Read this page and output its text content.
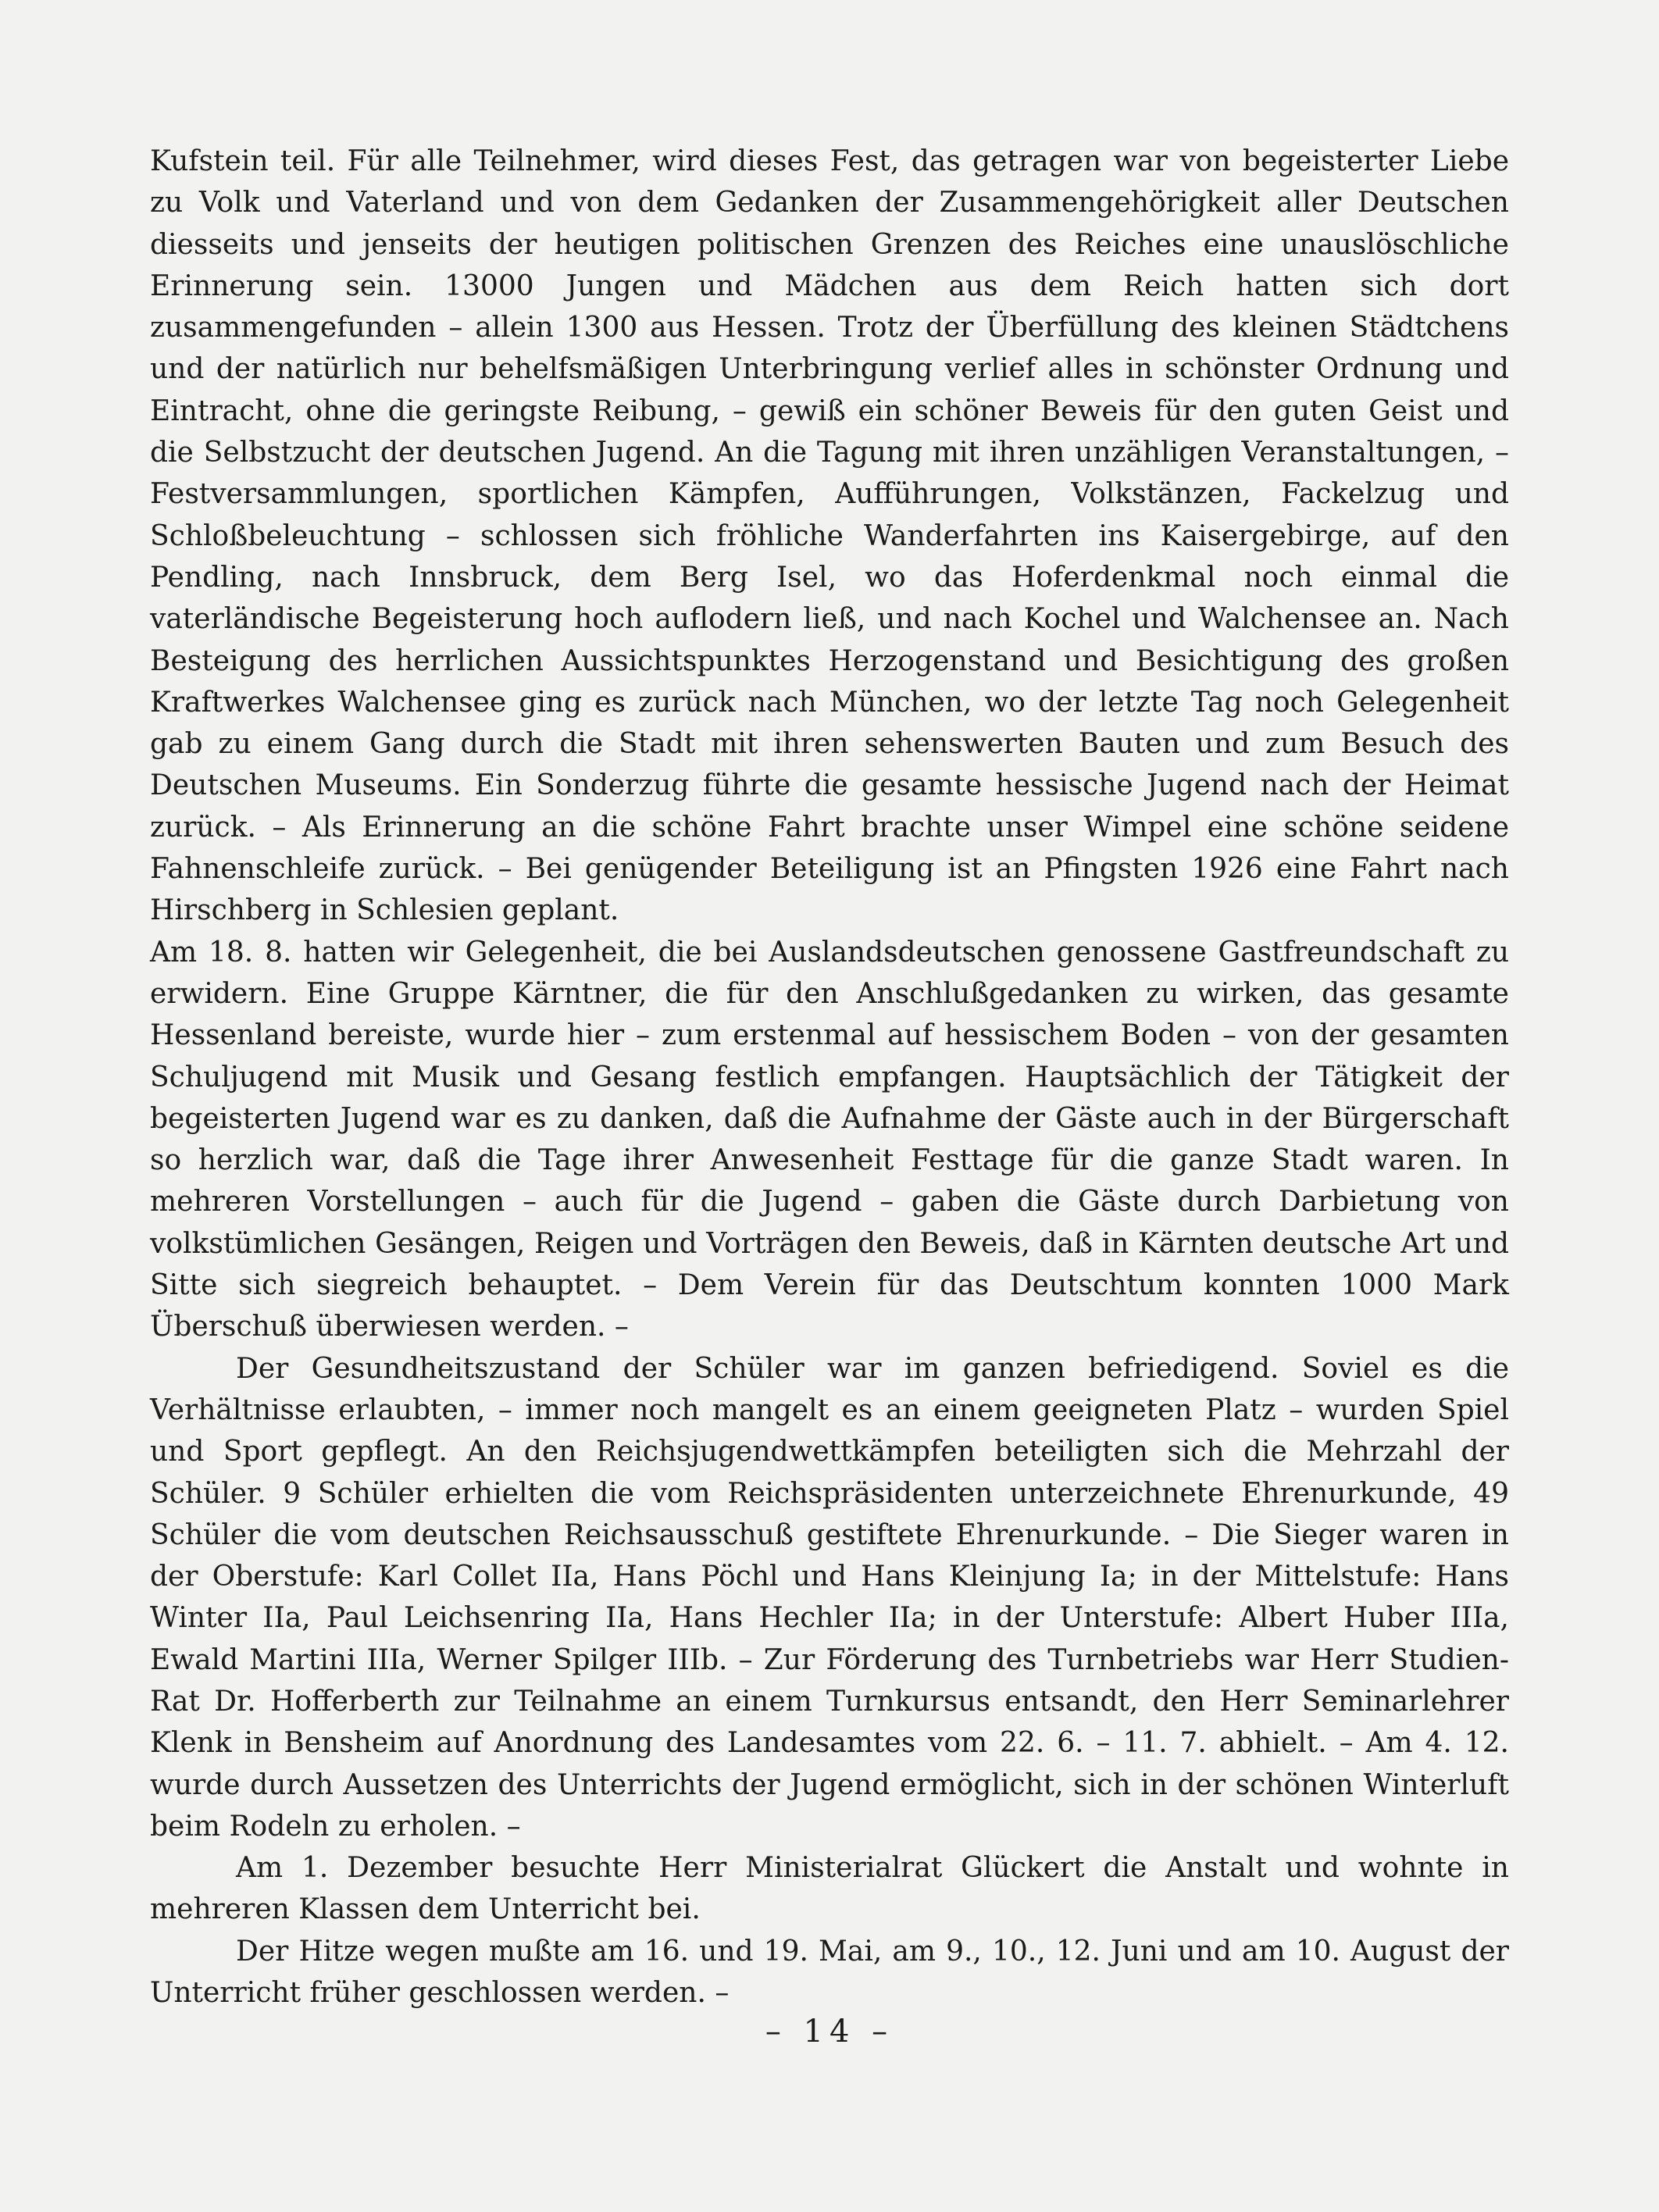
Kufstein teil. Für alle Teilnehmer, wird dieses Fest, das getragen war von begeisterter Liebe zu Volk und Vaterland und von dem Gedanken der Zusammengehörigkeit aller Deutschen diesseits und jenseits der heutigen politischen Grenzen des Reiches eine unauslöschliche Erinnerung sein. 13000 Jungen und Mädchen aus dem Reich hatten sich dort zusammengefunden – allein 1300 aus Hessen. Trotz der Überfüllung des kleinen Städtchens und der natürlich nur behelfsmäßigen Unterbringung verlief alles in schönster Ordnung und Eintracht, ohne die geringste Reibung, – gewiß ein schöner Beweis für den guten Geist und die Selbstzucht der deutschen Jugend. An die Tagung mit ihren unzähligen Veranstaltungen, – Festversammlungen, sportlichen Kämpfen, Aufführungen, Volkstänzen, Fackelzug und Schloßbeleuchtung – schlossen sich fröhliche Wanderfahrten ins Kaisergebirge, auf den Pendling, nach Innsbruck, dem Berg Isel, wo das Hoferdenkmal noch einmal die vaterländische Begeisterung hoch auflodern ließ, und nach Kochel und Walchensee an. Nach Besteigung des herrlichen Aussichtspunktes Herzogenstand und Besichtigung des großen Kraftwerkes Walchensee ging es zurück nach München, wo der letzte Tag noch Gelegenheit gab zu einem Gang durch die Stadt mit ihren sehenswerten Bauten und zum Besuch des Deutschen Museums. Ein Sonderzug führte die gesamte hessische Jugend nach der Heimat zurück. – Als Erinnerung an die schöne Fahrt brachte unser Wimpel eine schöne seidene Fahnenschleife zurück. – Bei genügender Beteiligung ist an Pfingsten 1926 eine Fahrt nach Hirschberg in Schlesien geplant.

Am 18. 8. hatten wir Gelegenheit, die bei Auslandsdeutschen genossene Gastfreundschaft zu erwidern. Eine Gruppe Kärntner, die für den Anschlußgedanken zu wirken, das gesamte Hessenland bereiste, wurde hier – zum erstenmal auf hessischem Boden – von der gesamten Schuljugend mit Musik und Gesang festlich empfangen. Hauptsächlich der Tätigkeit der begeisterten Jugend war es zu danken, daß die Aufnahme der Gäste auch in der Bürgerschaft so herzlich war, daß die Tage ihrer Anwesenheit Festtage für die ganze Stadt waren. In mehreren Vorstellungen – auch für die Jugend – gaben die Gäste durch Darbietung von volkstümlichen Gesängen, Reigen und Vorträgen den Beweis, daß in Kärnten deutsche Art und Sitte sich siegreich behauptet. – Dem Verein für das Deutschtum konnten 1000 Mark Überschuß überwiesen werden. –

Der Gesundheitszustand der Schüler war im ganzen befriedigend. Soviel es die Verhältnisse erlaubten, – immer noch mangelt es an einem geeigneten Platz – wurden Spiel und Sport gepflegt. An den Reichsjugendwettkämpfen beteiligten sich die Mehrzahl der Schüler. 9 Schüler erhielten die vom Reichspräsidenten unterzeichnete Ehrenurkunde, 49 Schüler die vom deutschen Reichsausschuß gestiftete Ehrenurkunde. – Die Sieger waren in der Oberstufe: Karl Collet IIa, Hans Pöchl und Hans Kleinjung Ia; in der Mittelstufe: Hans Winter IIa, Paul Leichsenring IIa, Hans Hechler IIa; in der Unterstufe: Albert Huber IIIa, Ewald Martini IIIa, Werner Spilger IIIb. – Zur Förderung des Turnbetriebs war Herr Studien-Rat Dr. Hofferberth zur Teilnahme an einem Turnkursus entsandt, den Herr Seminarlehrer Klenk in Bensheim auf Anordnung des Landesamtes vom 22. 6. – 11. 7. abhielt. – Am 4. 12. wurde durch Aussetzen des Unterrichts der Jugend ermöglicht, sich in der schönen Winterluft beim Rodeln zu erholen. –

Am 1. Dezember besuchte Herr Ministerialrat Glückert die Anstalt und wohnte in mehreren Klassen dem Unterricht bei.

Der Hitze wegen mußte am 16. und 19. Mai, am 9., 10., 12. Juni und am 10. August der Unterricht früher geschlossen werden. –

– 14 –
